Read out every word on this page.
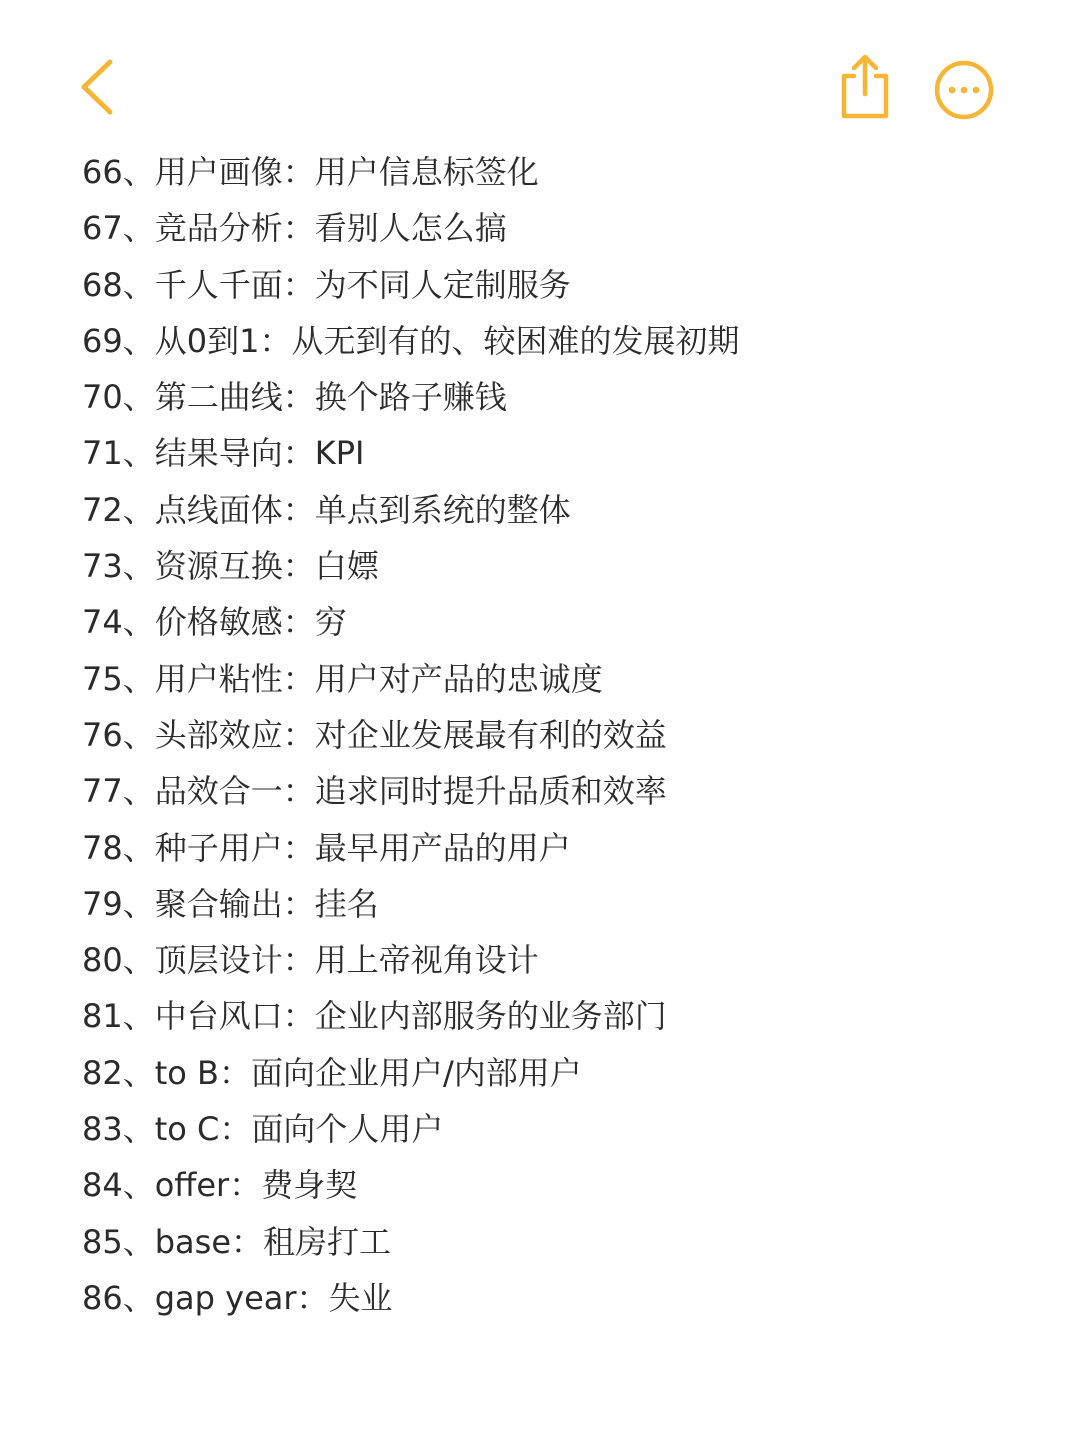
66、用户画像：用户信息标签化
67、竞品分析：看别人怎么搞
68、千人千面：为不同人定制服务
69、从0到1：从无到有的、较困难的发展初期
70、第二曲线：换个路子赚钱
71、结果导向：KPI
72、点线面体：单点到系统的整体
73、资源互换：白嫖
74、价格敏感：穷
75、用户粘性：用户对产品的忠诚度
76、头部效应：对企业发展最有利的效益
77、品效合一：追求同时提升品质和效率
78、种子用户：最早用产品的用户
79、聚合输出：挂名
80、顶层设计：用上帝视角设计
81、中台风口：企业内部服务的业务部门
82、to B：面向企业用户/内部用户
83、to C：面向个人用户
84、offer：费身契
85、base：租房打工
86、gap year：失业
